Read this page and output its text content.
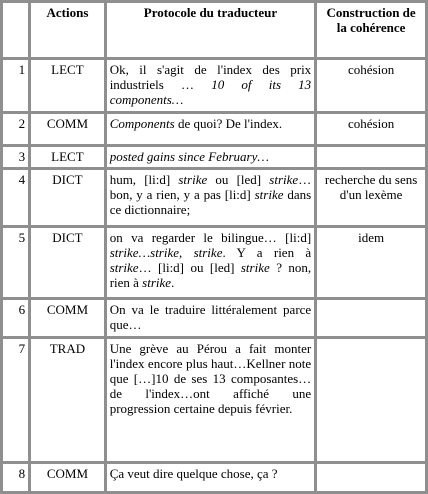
	Actions	Protocole du traducteur	Construction de la cohérence
1	LECT	Ok, il s'agit de l'index des prix industriels … 10 of its 13 components…	cohésion
2	COMM	Components de quoi? De l'index.	cohésion
3	LECT	posted gains since February…	
4	DICT	hum, [li:d] strike ou [led] strike… bon, y a rien, y a pas [li:d] strike dans ce dictionnaire;	recherche du sens d'un lexème
5	DICT	on va regarder le bilingue… [li:d] strike…strike, strike. Y a rien à strike… [li:d] ou [led] strike ? non, rien à strike.	idem
6	COMM	On va le traduire littéralement parce que…	
7	TRAD	Une grève au Pérou a fait monter l'index encore plus haut…Kellner note que […]10 de ses 13 composantes…de l'index…ont affiché une progression certaine depuis février.	
8	COMM	Ça veut dire quelque chose, ça ?	
